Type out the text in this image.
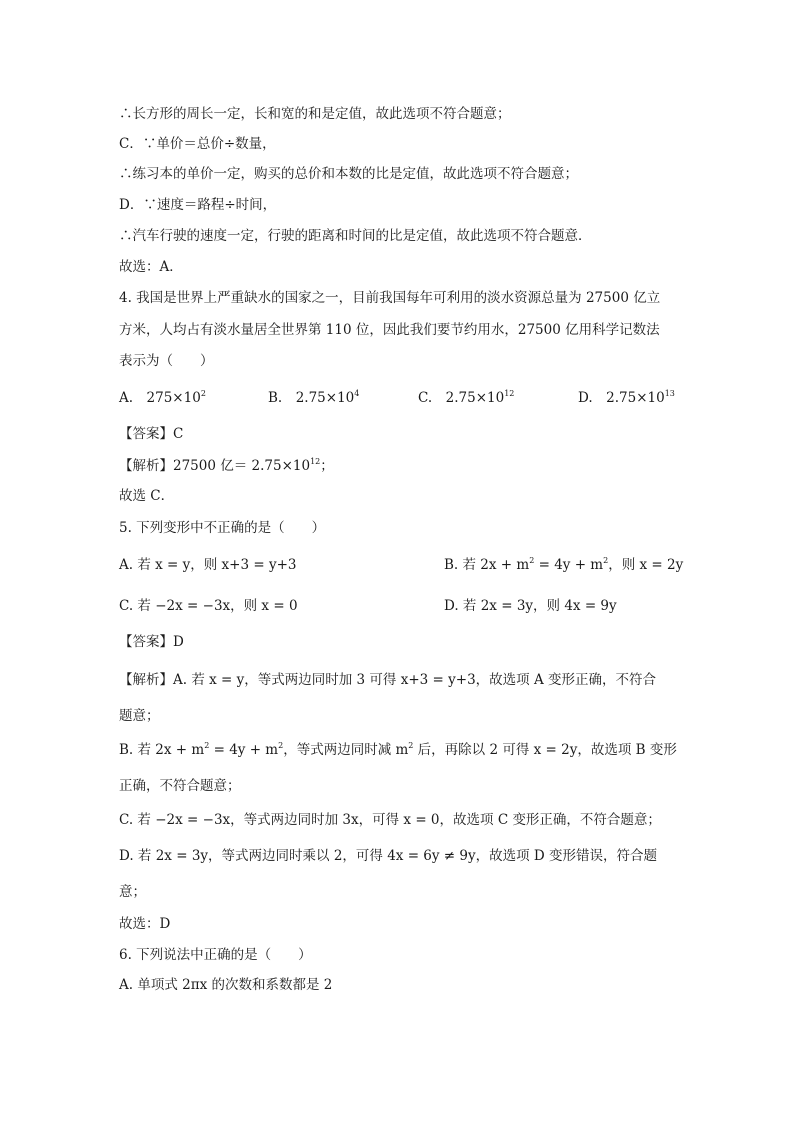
∴长方形的周长一定，长和宽的和是定值，故此选项不符合题意；
C．∵单价＝总价÷数量，
∴练习本的单价一定，购买的总价和本数的比是定值，故此选项不符合题意；
D．∵速度＝路程÷时间，
∴汽车行驶的速度一定，行驶的距离和时间的比是定值，故此选项不符合题意．
故选：A．
4. 我国是世界上严重缺水的国家之一，目前我国每年可利用的淡水资源总量为 27500 亿立
方米，人均占有淡水量居全世界第 110 位，因此我们要节约用水，27500 亿用科学记数法
表示为（　　）
A.　$275\times 10^2$	B.　$2.75\times 10^4$	C.　$2.75\times 10^{12}$	D.　$2.75\times 10^{13}$
【答案】C
【解析】27500 亿＝ $2.75\times 10^{12}$；
故选 C．
5. 下列变形中不正确的是（　　）
A. 若 x = y，则 x+3 = y+3	B. 若 $2x + m^2 = 4y + m^2$，则 x = 2y
C. 若 −2x = −3x，则 x = 0	D. 若 2x = 3y，则 4x = 9y
【答案】D
【解析】A. 若 x = y，等式两边同时加 3 可得 x+3 = y+3，故选项 A 变形正确，不符合
题意；
B. 若 $2x + m^2 = 4y + m^2$，等式两边同时减 $m^2$ 后，再除以 2 可得 x = 2y，故选项 B 变形
正确，不符合题意；
C. 若 −2x = −3x，等式两边同时加 3x，可得 x = 0，故选项 C 变形正确，不符合题意；
D. 若 2x = 3y，等式两边同时乘以 2，可得 4x = 6y ≠ 9y，故选项 D 变形错误，符合题
意；
故选：D
6. 下列说法中正确的是（　　）
A. 单项式 2πx 的次数和系数都是 2
